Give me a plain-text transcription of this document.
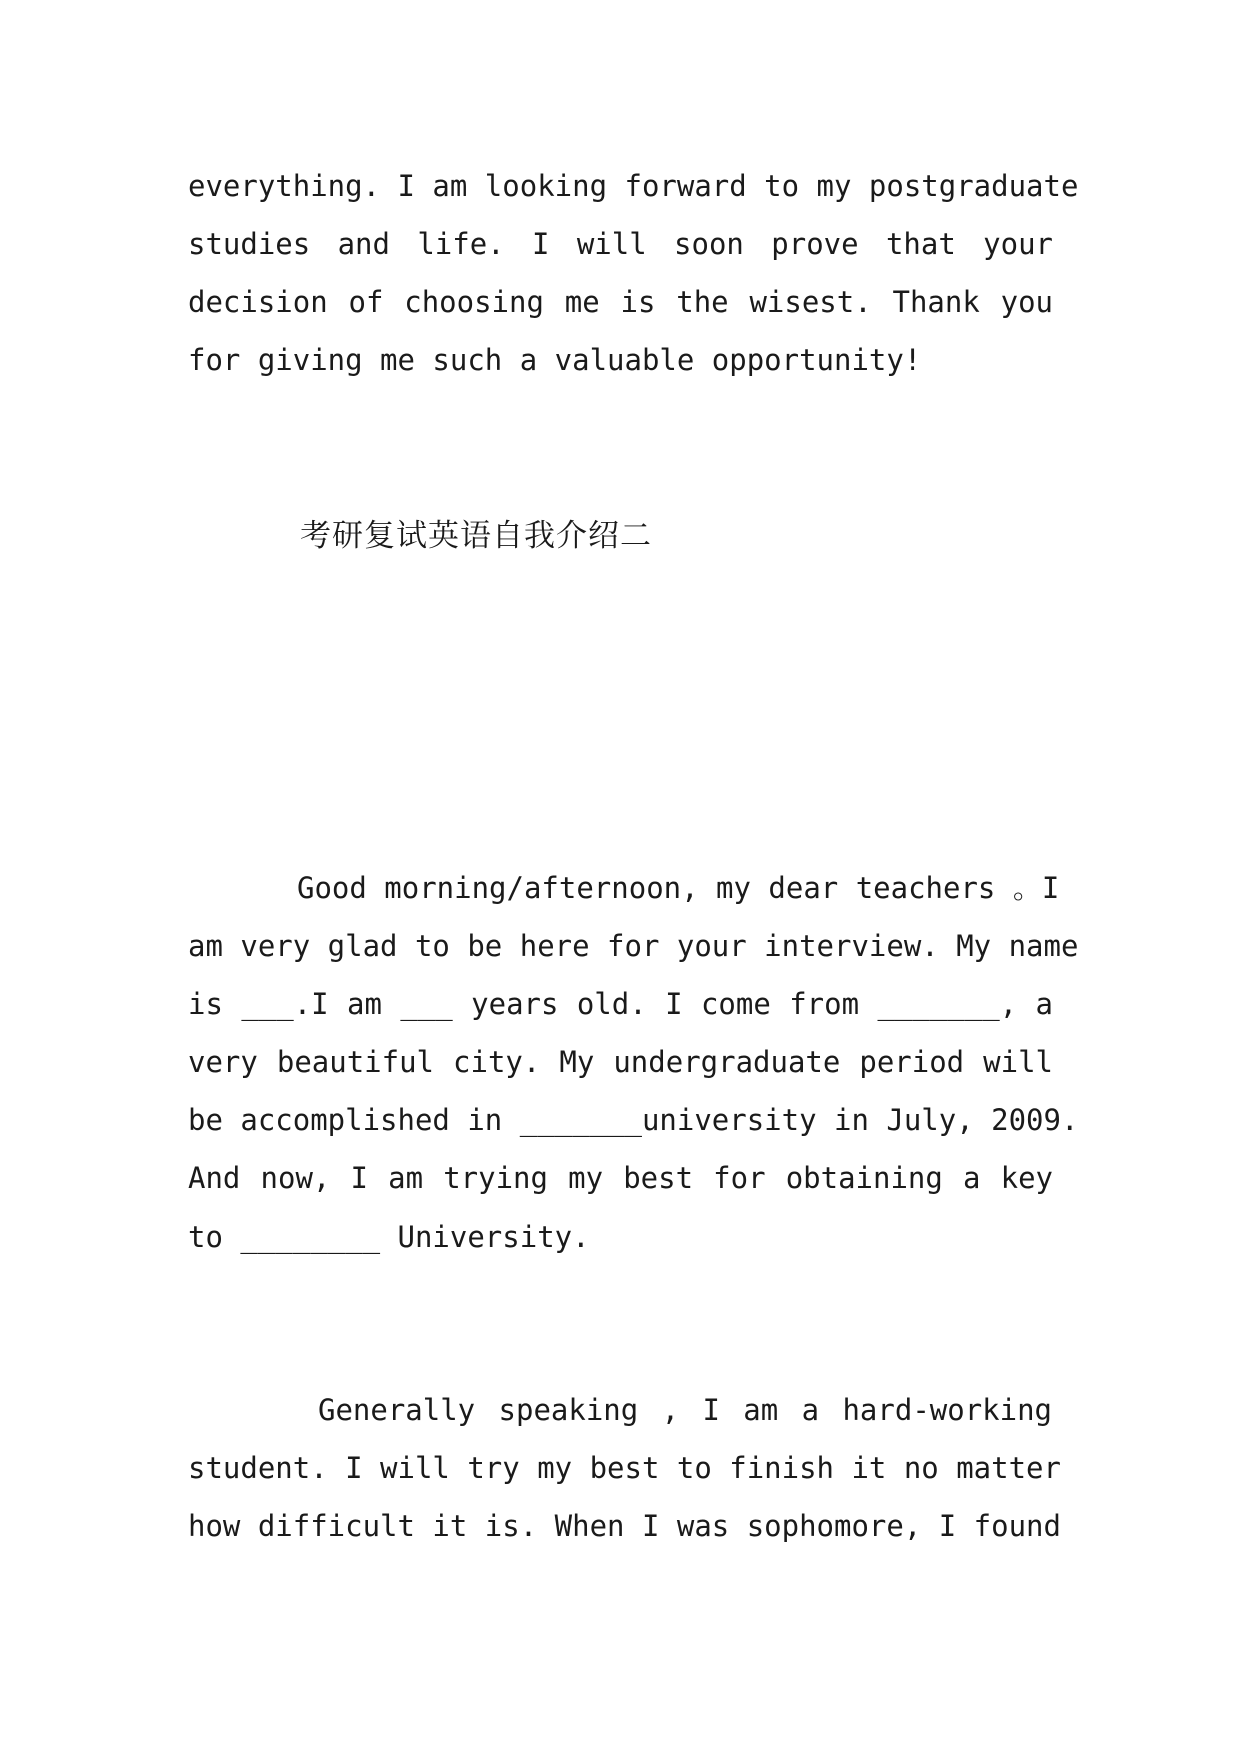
everything. I am looking forward to my postgraduate
studies and life. I will soon prove that your
decision of choosing me is the wisest. Thank you
for giving me such a valuable opportunity!
考研复试英语自我介绍二
Good morning/afternoon, my dear teachers 。I
am very glad to be here for your interview. My name
is ___.I am ___ years old. I come from _______, a
very beautiful city. My undergraduate period will
be accomplished in _______university in July, 2009.
And now, I am trying my best for obtaining a key
to ________ University.
Generally speaking , I am a hard-working
student. I will try my best to finish it no matter
how difficult it is. When I was sophomore, I found
